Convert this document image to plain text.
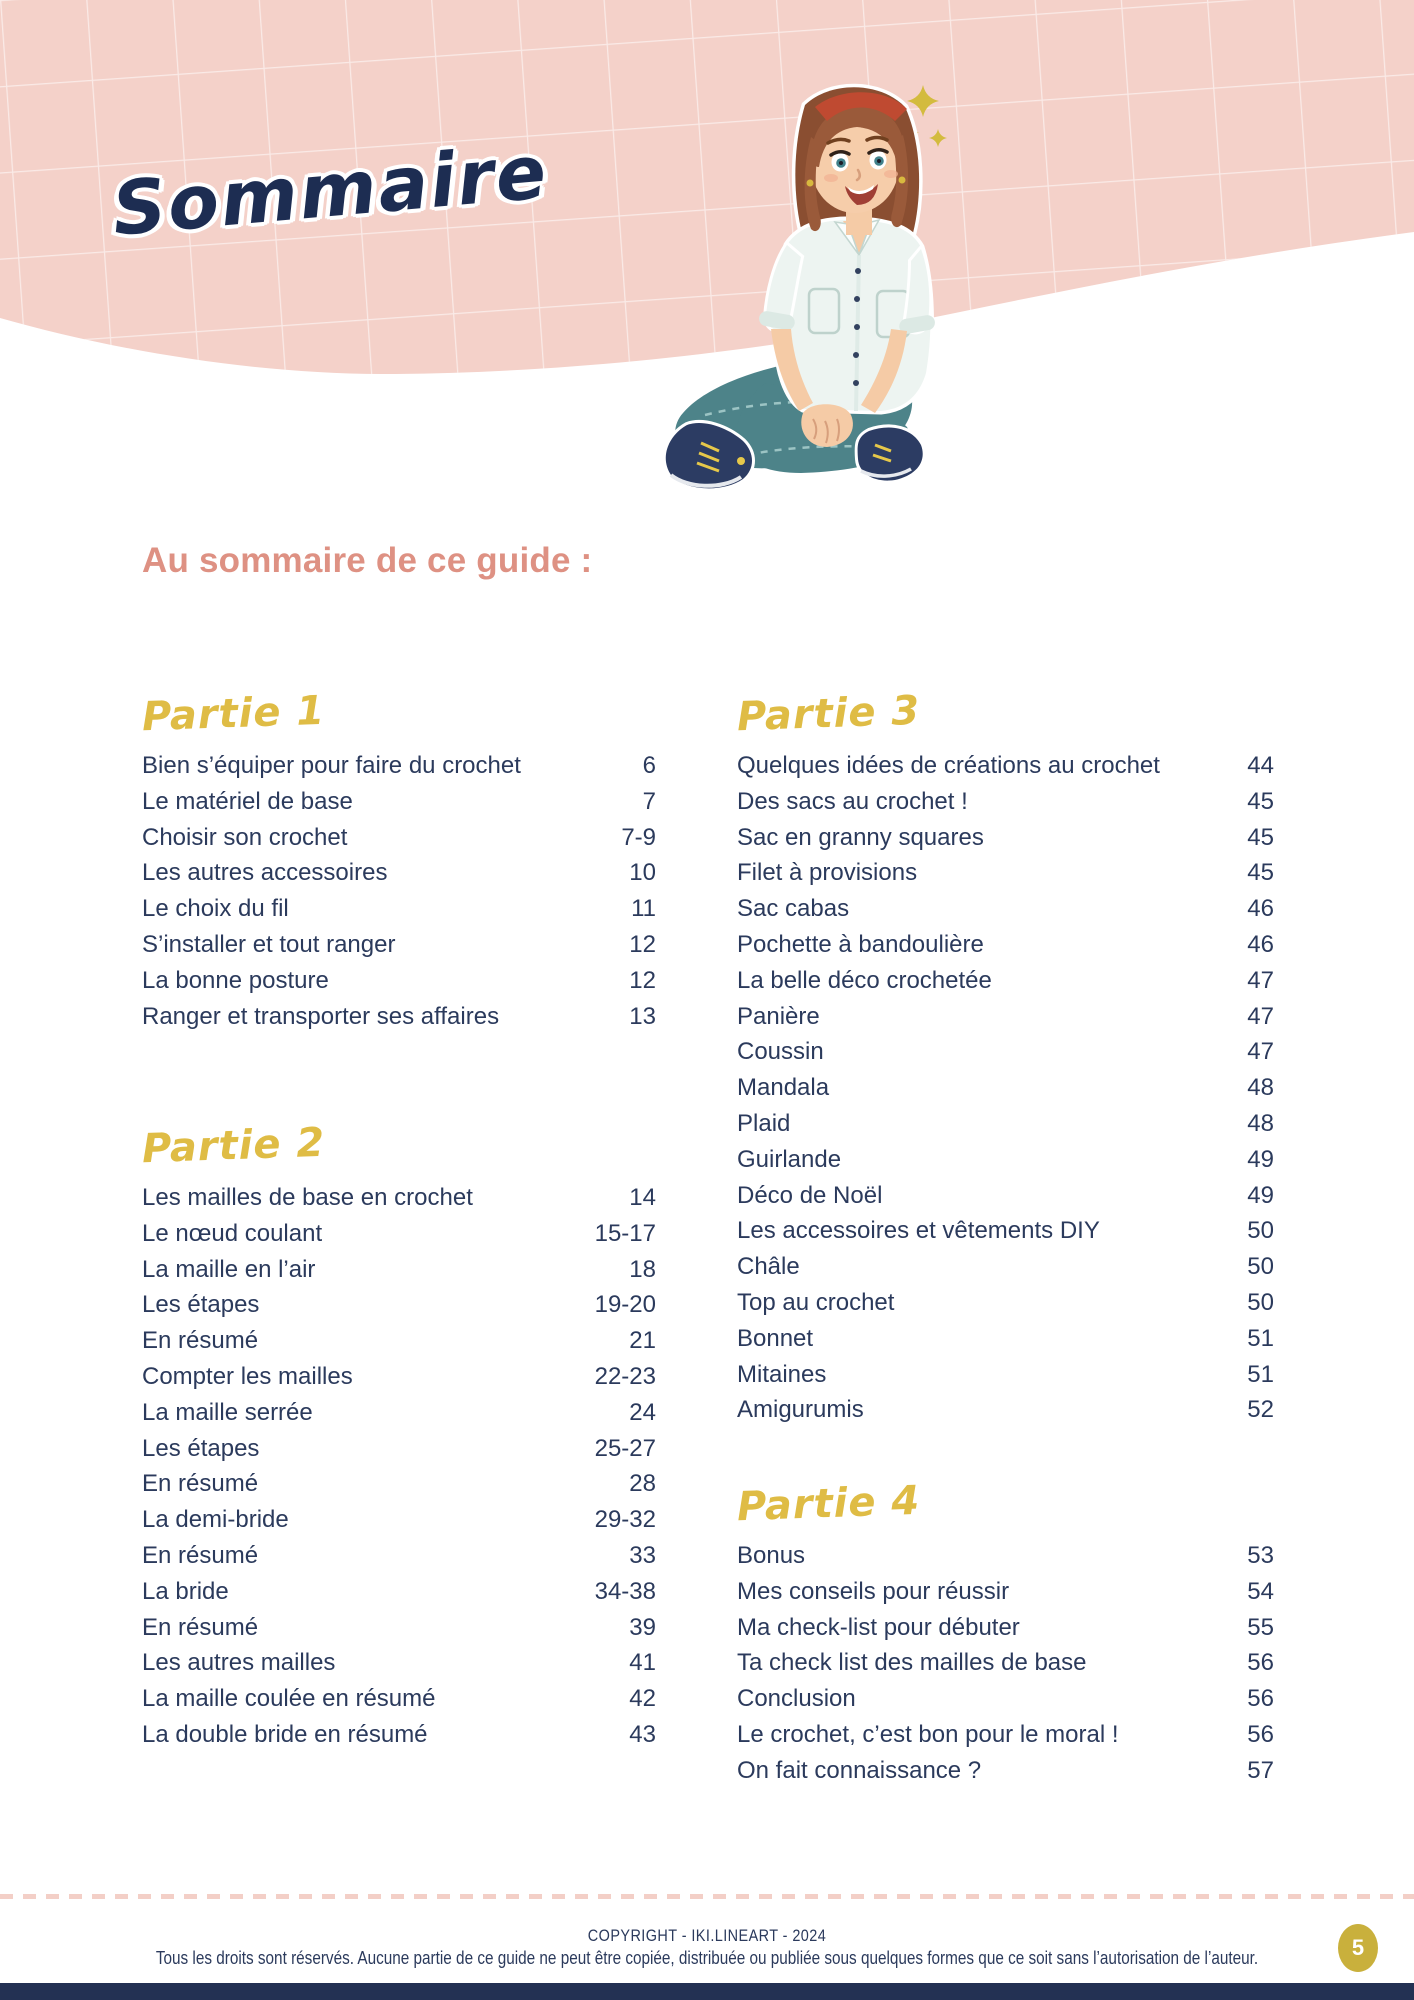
Sommaire
Au sommaire de ce guide :
Partie 1
Bien s’équiper pour faire du crochet	6
Le matériel de base	7
Choisir son crochet	7-9
Les autres accessoires	10
Le choix du fil	11
S’installer et tout ranger	12
La bonne posture	12
Ranger et transporter ses affaires	13
Partie 2
Les mailles de base en crochet	14
Le nœud coulant	15-17
La maille en l’air	18
Les étapes	19-20
En résumé	21
Compter les mailles	22-23
La maille serrée	24
Les étapes	25-27
En résumé	28
La demi-bride	29-32
En résumé	33
La bride	34-38
En résumé	39
Les autres mailles	41
La maille coulée en résumé	42
La double bride en résumé	43
Partie 3
Quelques idées de créations au crochet	44
Des sacs au crochet !	45
Sac en granny squares	45
Filet à provisions	45
Sac cabas	46
Pochette à bandoulière	46
La belle déco crochetée	47
Panière	47
Coussin	47
Mandala	48
Plaid	48
Guirlande	49
Déco de Noël	49
Les accessoires et vêtements DIY	50
Châle	50
Top au crochet	50
Bonnet	51
Mitaines	51
Amigurumis	52
Partie 4
Bonus	53
Mes conseils pour réussir	54
Ma check-list pour débuter	55
Ta check list des mailles de base	56
Conclusion	56
Le crochet, c’est bon pour le moral !	56
On fait connaissance ?	57
COPYRIGHT - IKI.LINEART - 2024
Tous les droits sont réservés. Aucune partie de ce guide ne peut être copiée, distribuée ou publiée sous quelques formes que ce soit sans l’autorisation de l’auteur.	5
